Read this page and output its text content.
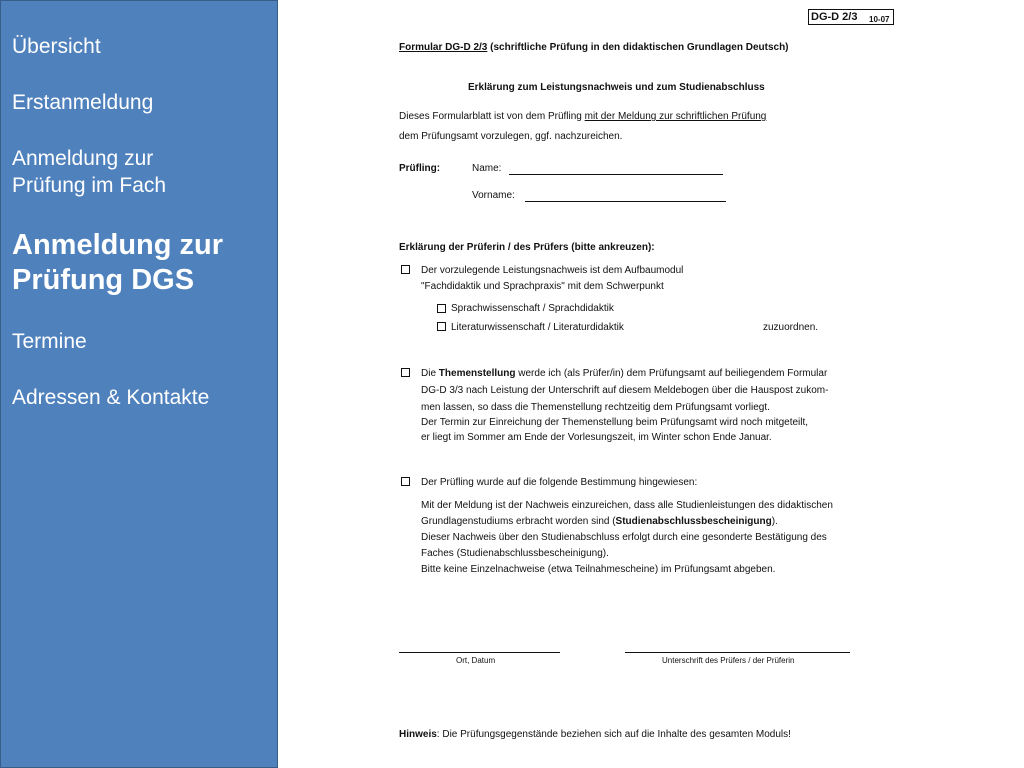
Übersicht
Erstanmeldung
Anmeldung zur
Prüfung im Fach
Anmeldung zur
Prüfung DGS
Termine
Adressen & Kontakte
DG-D 2/3 10-07
Formular DG-D 2/3 (schriftliche Prüfung in den didaktischen Grundlagen Deutsch)
Erklärung zum Leistungsnachweis und zum Studienabschluss
Dieses Formularblatt ist von dem Prüfling mit der Meldung zur schriftlichen Prüfung
dem Prüfungsamt vorzulegen, ggf. nachzureichen.
Prüfling:	Name:
Vorname:
Erklärung der Prüferin / des Prüfers (bitte ankreuzen):
Der vorzulegende Leistungsnachweis ist dem Aufbaumodul
"Fachdidaktik und Sprachpraxis" mit dem Schwerpunkt
Sprachwissenschaft / Sprachdidaktik
Literaturwissenschaft / Literaturdidaktik	zuzuordnen.
Die Themenstellung werde ich (als Prüfer/in) dem Prüfungsamt auf beiliegendem Formular
DG-D 3/3 nach Leistung der Unterschrift auf diesem Meldebogen über die Hauspost zukom-
men lassen, so dass die Themenstellung rechtzeitig dem Prüfungsamt vorliegt.
Der Termin zur Einreichung der Themenstellung beim Prüfungsamt wird noch mitgeteilt,
er liegt im Sommer am Ende der Vorlesungszeit, im Winter schon Ende Januar.
Der Prüfling wurde auf die folgende Bestimmung hingewiesen:
Mit der Meldung ist der Nachweis einzureichen, dass alle Studienleistungen des didaktischen
Grundlagenstudiums erbracht worden sind (Studienabschlussbescheinigung).
Dieser Nachweis über den Studienabschluss erfolgt durch eine gesonderte Bestätigung des
Faches (Studienabschlussbescheinigung).
Bitte keine Einzelnachweise (etwa Teilnahmescheine) im Prüfungsamt abgeben.
Ort, Datum	Unterschrift des Prüfers / der Prüferin
Hinweis: Die Prüfungsgegenstände beziehen sich auf die Inhalte des gesamten Moduls!
